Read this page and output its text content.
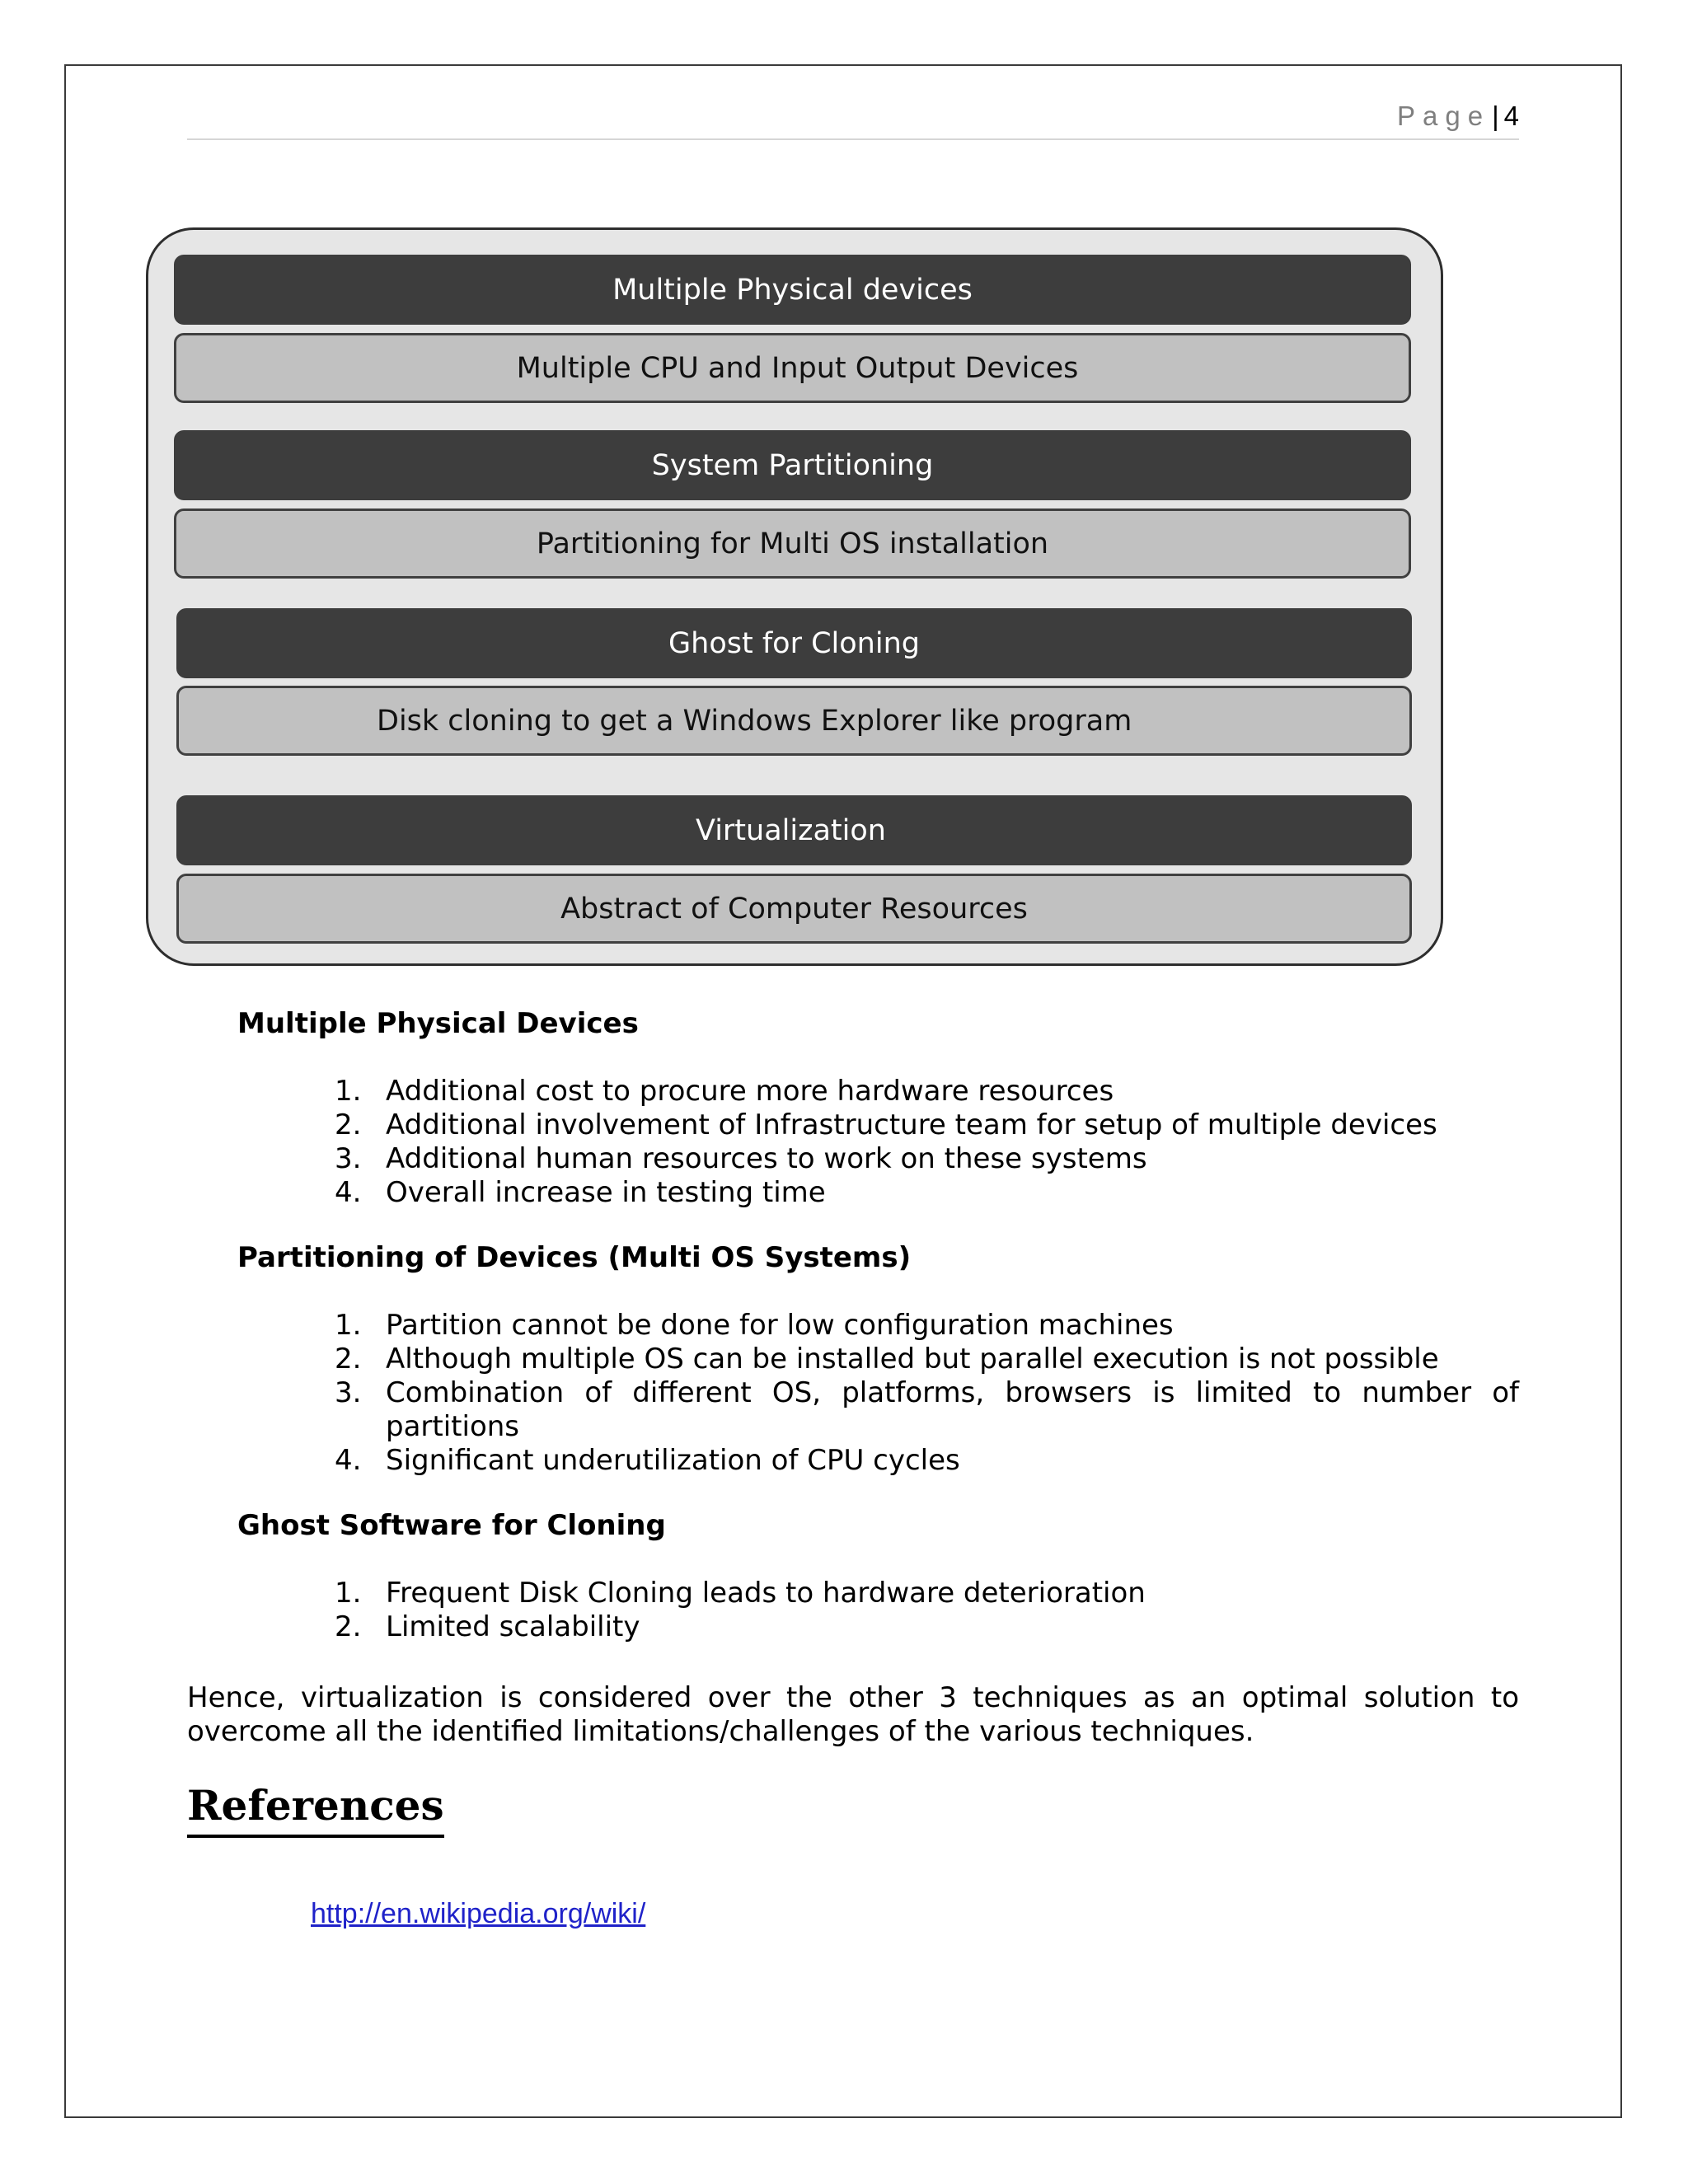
Page| 4
Multiple Physical devices
Multiple CPU and Input Output Devices
System Partitioning
Partitioning for Multi OS installation
Ghost for Cloning
Disk cloning to get a Windows Explorer like program
Virtualization
Abstract of Computer Resources
Multiple Physical Devices
1. Additional cost to procure more hardware resources
2. Additional involvement of Infrastructure team for setup of multiple devices
3. Additional human resources to work on these systems
4. Overall increase in testing time
Partitioning of Devices (Multi OS Systems)
1. Partition cannot be done for low configuration machines
2. Although multiple OS can be installed but parallel execution is not possible
3. Combination of different OS, platforms, browsers is limited to number of partitions
4. Significant underutilization of CPU cycles
Ghost Software for Cloning
1. Frequent Disk Cloning leads to hardware deterioration
2. Limited scalability

Hence, virtualization is considered over the other 3 techniques as an optimal solution to overcome all the identified limitations/challenges of the various techniques.

References
http://en.wikipedia.org/wiki/
